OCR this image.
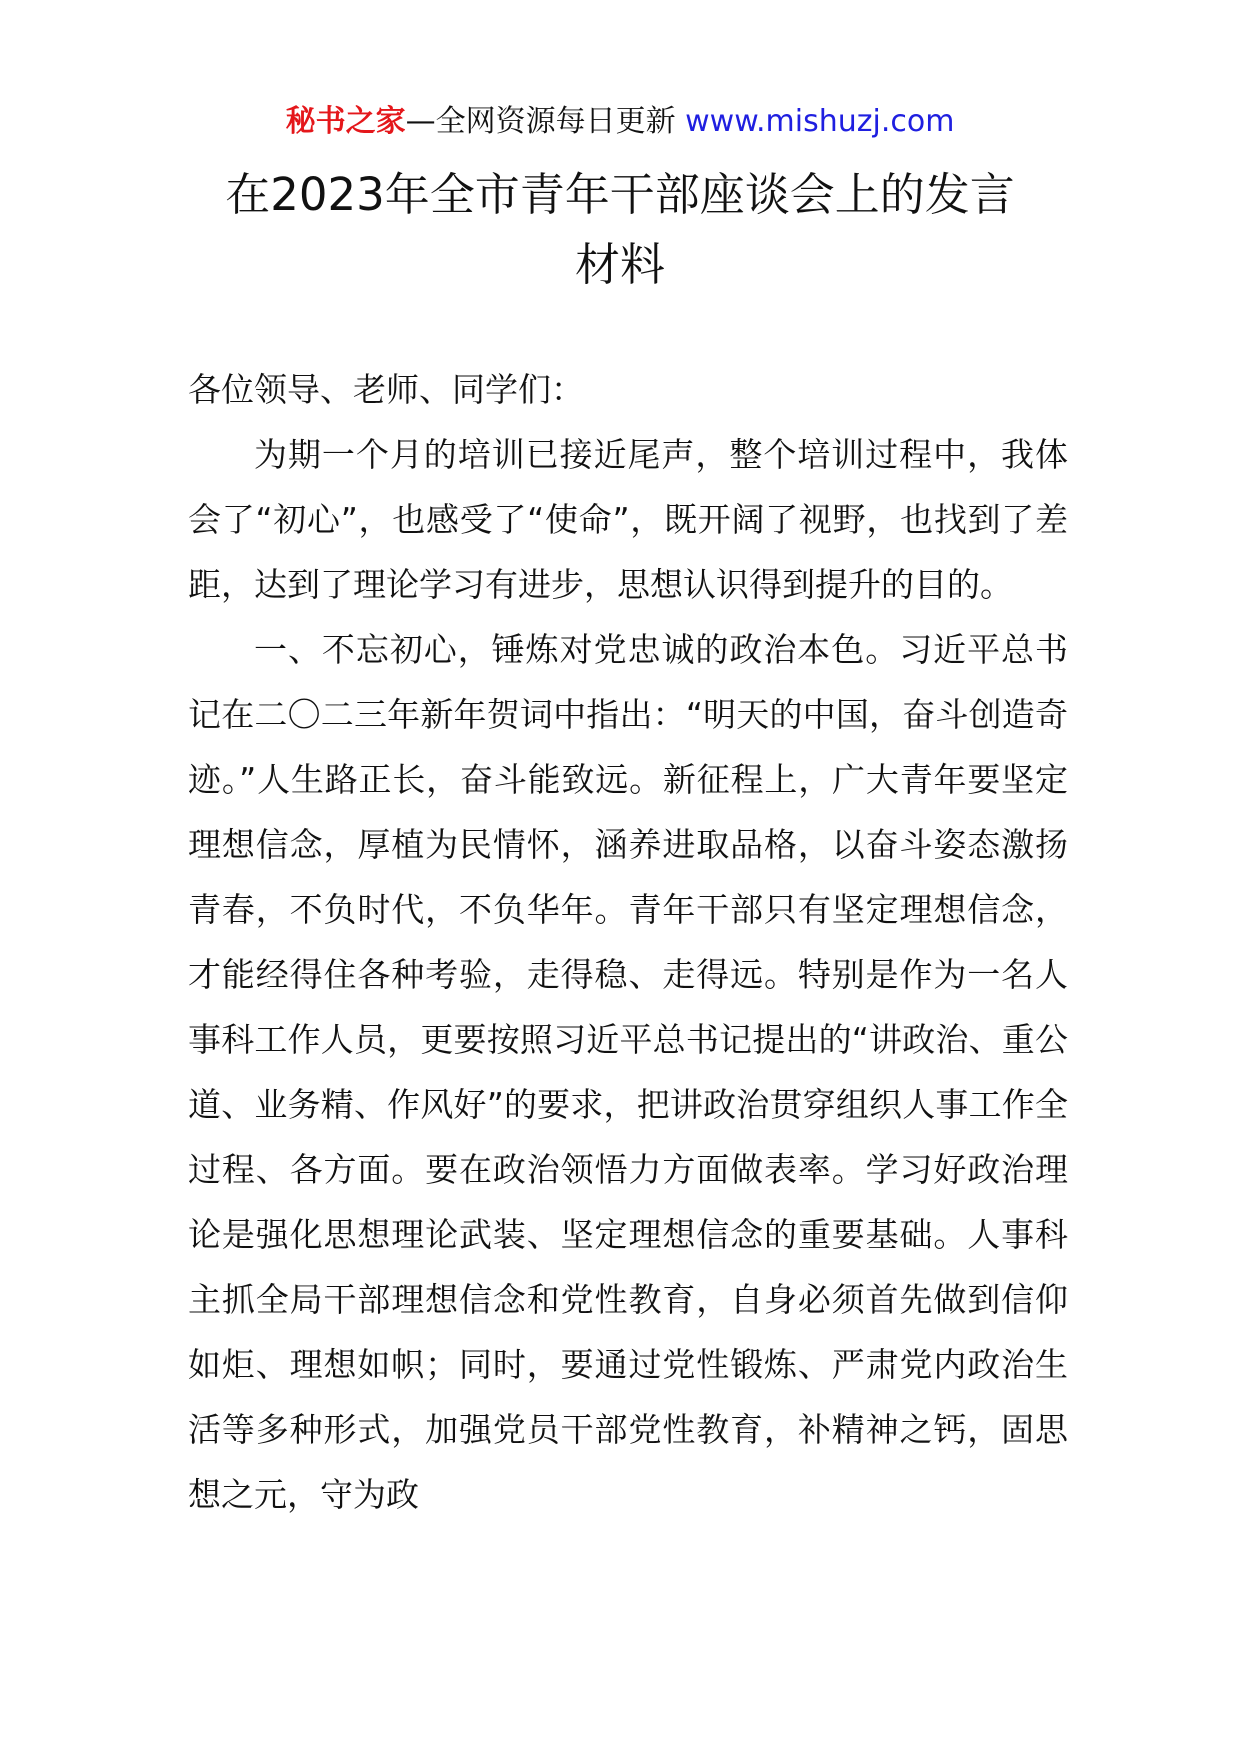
秘书之家—全网资源每日更新 www.mishuzj.com
在2023年全市青年干部座谈会上的发言
材料

各位领导、老师、同学们：

为期一个月的培训已接近尾声，整个培训过程中，我体会了“初心”，也感受了“使命”，既开阔了视野，也找到了差距，达到了理论学习有进步，思想认识得到提升的目的。

一、不忘初心，锤炼对党忠诚的政治本色。习近平总书记在二〇二三年新年贺词中指出：“明天的中国，奋斗创造奇迹。”人生路正长，奋斗能致远。新征程上，广大青年要坚定理想信念，厚植为民情怀，涵养进取品格，以奋斗姿态激扬青春，不负时代，不负华年。青年干部只有坚定理想信念，才能经得住各种考验，走得稳、走得远。特别是作为一名人事科工作人员，更要按照习近平总书记提出的“讲政治、重公道、业务精、作风好”的要求，把讲政治贯穿组织人事工作全过程、各方面。要在政治领悟力方面做表率。学习好政治理论是强化思想理论武装、坚定理想信念的重要基础。人事科主抓全局干部理想信念和党性教育，自身必须首先做到信仰如炬、理想如帜；同时，要通过党性锻炼、严肃党内政治生活等多种形式，加强党员干部党性教育，补精神之钙，固思想之元，守为政
